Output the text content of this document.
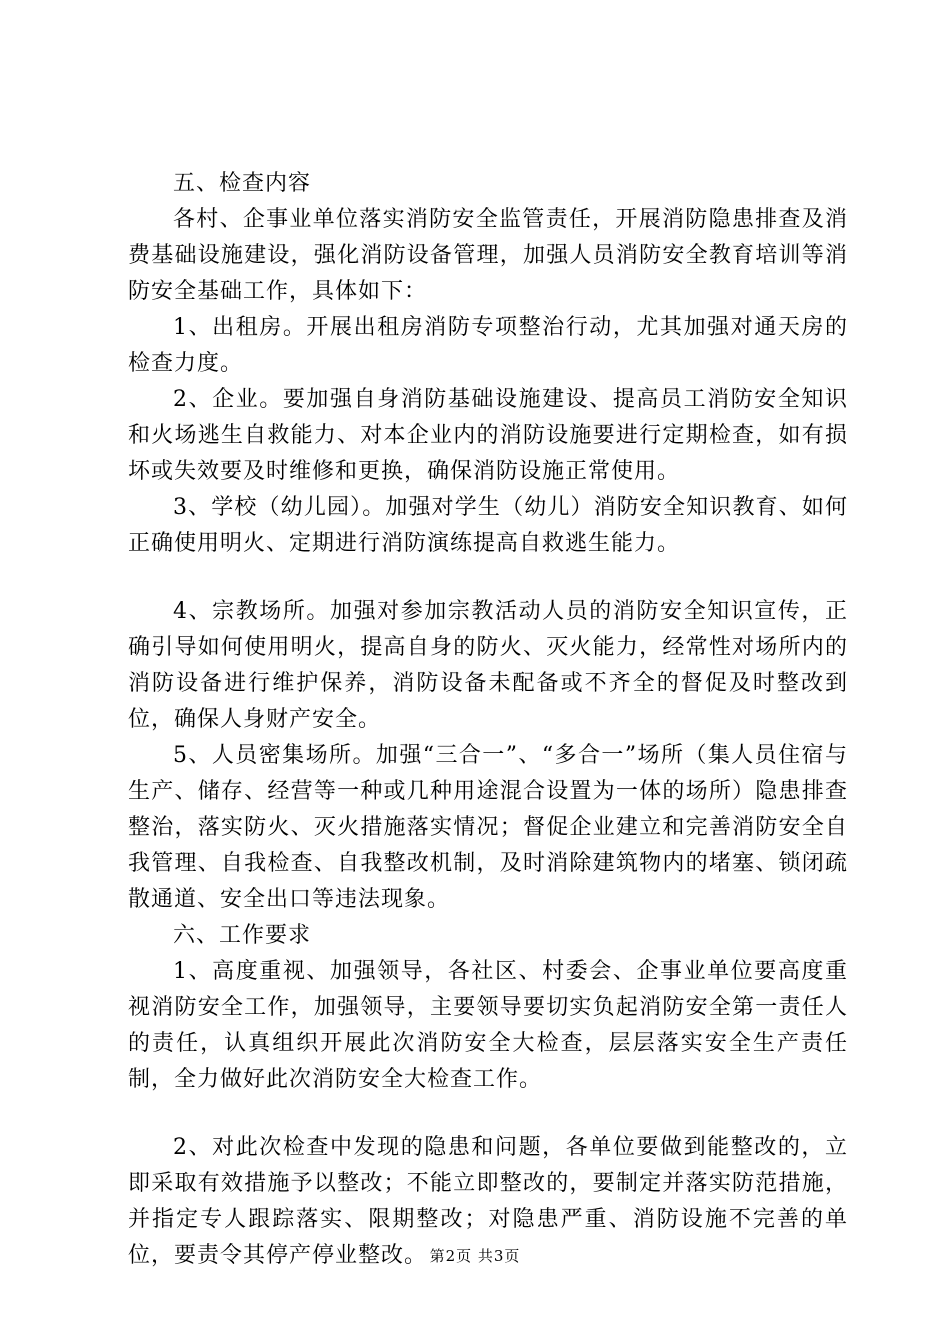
五、检查内容

各村、企事业单位落实消防安全监管责任，开展消防隐患排查及消费基础设施建设，强化消防设备管理，加强人员消防安全教育培训等消防安全基础工作，具体如下：

1、出租房。开展出租房消防专项整治行动，尤其加强对通天房的检查力度。

2、企业。要加强自身消防基础设施建设、提高员工消防安全知识和火场逃生自救能力、对本企业内的消防设施要进行定期检查，如有损坏或失效要及时维修和更换，确保消防设施正常使用。

3、学校（幼儿园）。加强对学生（幼儿）消防安全知识教育、如何正确使用明火、定期进行消防演练提高自救逃生能力。

4、宗教场所。加强对参加宗教活动人员的消防安全知识宣传，正确引导如何使用明火，提高自身的防火、灭火能力，经常性对场所内的消防设备进行维护保养，消防设备未配备或不齐全的督促及时整改到位，确保人身财产安全。

5、人员密集场所。加强“三合一”、“多合一”场所（集人员住宿与生产、储存、经营等一种或几种用途混合设置为一体的场所）隐患排查整治，落实防火、灭火措施落实情况；督促企业建立和完善消防安全自我管理、自我检查、自我整改机制，及时消除建筑物内的堵塞、锁闭疏散通道、安全出口等违法现象。

六、工作要求

1、高度重视、加强领导，各社区、村委会、企事业单位要高度重视消防安全工作，加强领导，主要领导要切实负起消防安全第一责任人的责任，认真组织开展此次消防安全大检查，层层落实安全生产责任制，全力做好此次消防安全大检查工作。

2、对此次检查中发现的隐患和问题，各单位要做到能整改的，立即采取有效措施予以整改；不能立即整改的，要制定并落实防范措施，并指定专人跟踪落实、限期整改；对隐患严重、消防设施不完善的单位，要责令其停产停业整改。 第2页 共3页
